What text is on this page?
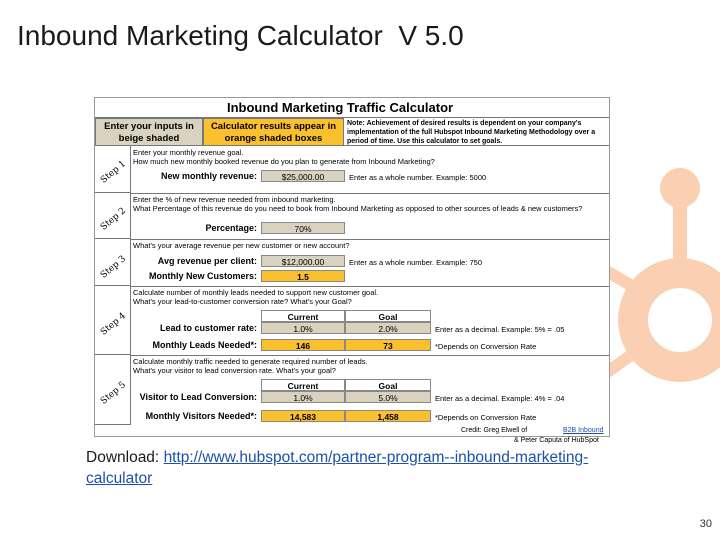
Inbound Marketing Calculator  V 5.0
Inbound Marketing Traffic Calculator
Enter your inputs in beige shaded
Calculator results appear in orange shaded boxes
Note: Achievement of desired results is dependent on your company's implementation of the full Hubspot Inbound Marketing Methodology over a period of time. Use this calculator to set goals.
Step 1
Enter your monthly revenue goal.
How much new monthly booked revenue do you plan to generate from Inbound Marketing?
New monthly revenue:	$25,000.00	Enter as a whole number. Example: 5000
Step 2
Enter the % of new revenue needed from inbound marketing.
What Percentage of this revenue do you need to book from Inbound Marketing as opposed to other sources of leads & new customers?
Percentage:	70%
Step 3
What's your average revenue per new customer or new account?
Avg revenue per client:	$12,000.00	Enter as a whole number. Example: 750
Monthly New Customers:	1.5
Step 4
Calculate number of monthly leads needed to support new customer goal.
What's your lead-to-customer conversion rate? What's your Goal?
Current	Goal
Lead to customer rate:	1.0%	2.0%	Enter as a decimal. Example: 5% = .05
Monthly Leads Needed*:	146	73	*Depends on Conversion Rate
Step 5
Calculate monthly traffic needed to generate required number of leads.
What's your visitor to lead conversion rate. What's your goal?
Current	Goal
Visitor to Lead Conversion:	1.0%	5.0%	Enter as a decimal. Example: 4% = .04
Monthly Visitors Needed*:	14,583	1,458	*Depends on Conversion Rate
Credit: Greg Elwell of	B2B Inbound
& Peter Caputa of HubSpot
Download: http://www.hubspot.com/partner-program--inbound-marketing-calculator
30
